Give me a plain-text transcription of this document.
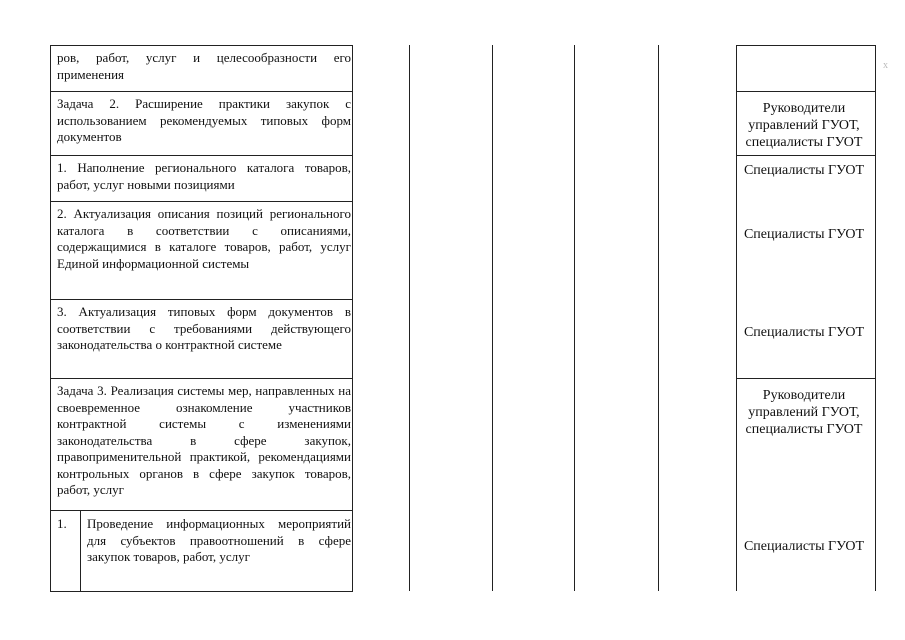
ров, работ, услуг и целесообразности его применения
Задача 2. Расширение практики закупок с использованием рекомендуемых типовых форм документов
1. Наполнение регионального каталога товаров, работ, услуг новыми позициями
2. Актуализация описания позиций регионального каталога в соответствии с описаниями, содержащимися в каталоге товаров, работ, услуг Единой информационной системы
3. Актуализация типовых форм документов в соответствии с требованиями действующего законодательства о контрактной системе
Задача 3. Реализация системы мер, направленных на своевременное ознакомление участников контрактной системы с изменениями законодательства в сфере закупок, правоприменительной практикой, рекомендациями контрольных органов в сфере закупок товаров, работ, услуг
1.	Проведение информационных мероприятий для субъектов правоотношений в сфере закупок товаров, работ, услуг
Руководители управлений ГУОТ, специалисты ГУОТ
Специалисты ГУОТ
Специалисты ГУОТ
Специалисты ГУОТ
Руководители управлений ГУОТ, специалисты ГУОТ
Специалисты ГУОТ
x
